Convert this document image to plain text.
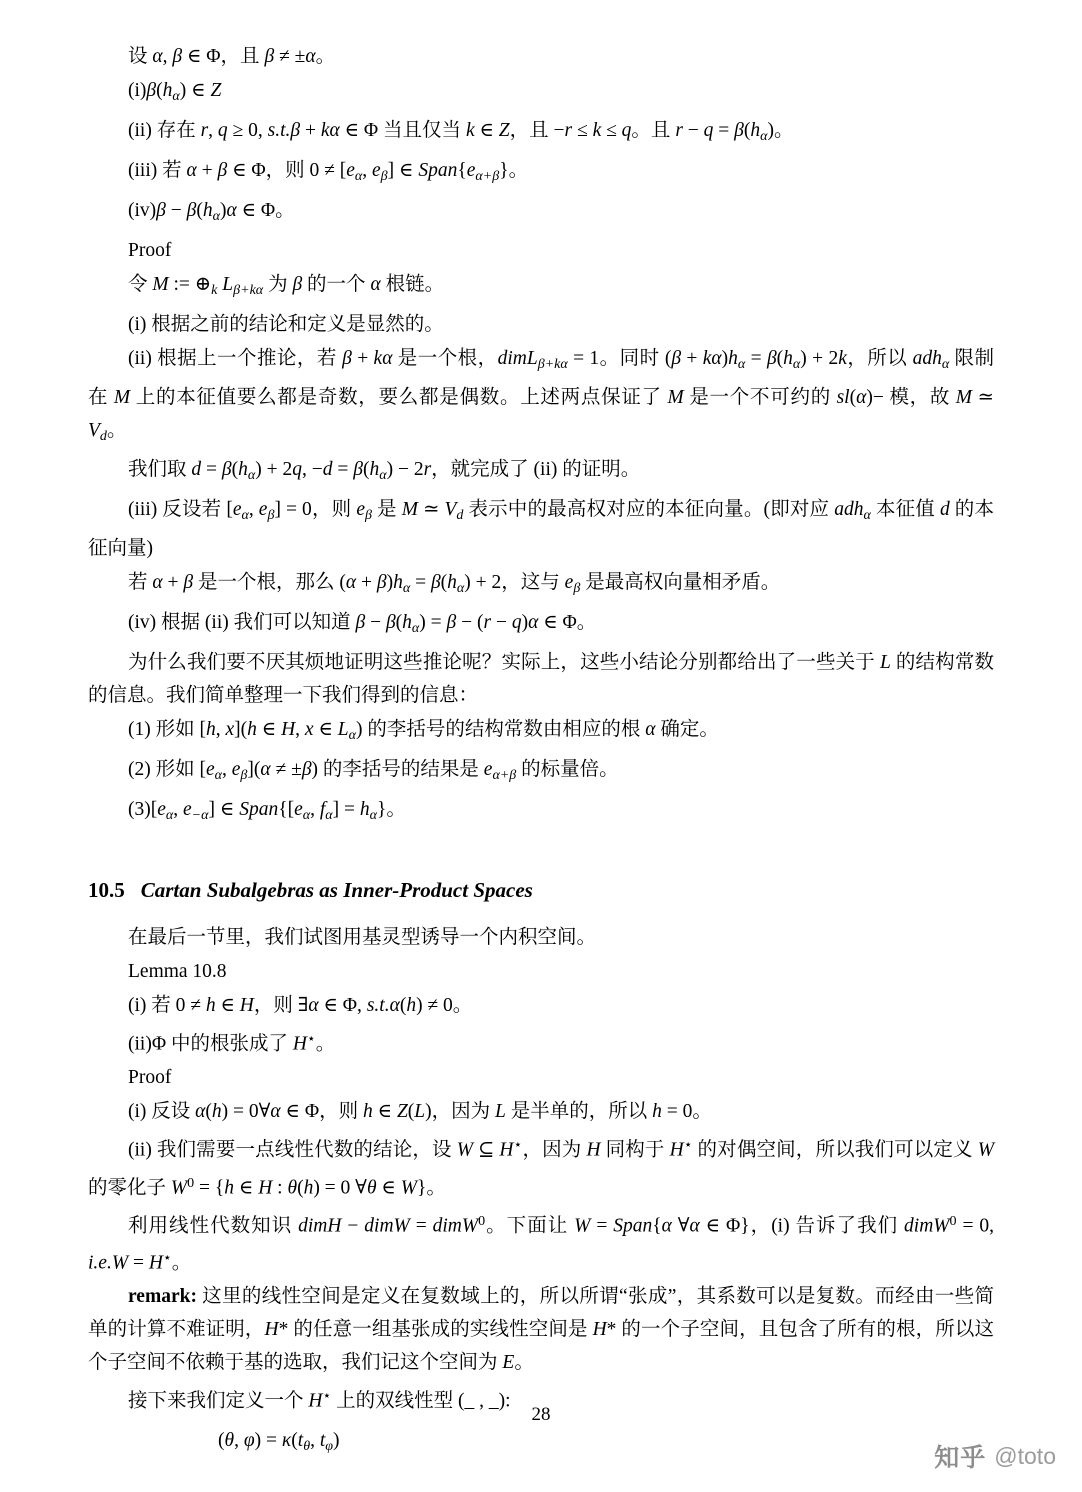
设 α, β ∈ Φ，且 β ≠ ±α。

$(i)\beta(h_\alpha)$ ∈ Z

(ii) 存在 r, q ≥ 0, s.t.β + kα ∈ Φ 当且仅当 k ∈ Z，且 −r ≤ k ≤ q。且 $r - q = \beta(h_\alpha)$。

(iii) 若 α + β ∈ Φ，则 $0 \ne [e_\alpha$, $e_\beta$] ∈ $Span\{e_{\alpha+\beta}\}$。

$(iv)\beta - \beta(h_\alpha)\alpha$ ∈ Φ。

Proof

令 M := $\oplus_k$ $L_{\beta+k\alpha}$ 为 β 的一个 α 根链。

(i) 根据之前的结论和定义是显然的。

(ii) 根据上一个推论，若 β + kα 是一个根，dimL$_{\beta+k\alpha}$ = 1。同时 $(\beta + k\alpha)h_\alpha = \beta(h_\alpha) + 2k$，所以 adh$_\alpha$ 限制在 M 上的本征值要么都是奇数，要么都是偶数。上述两点保证了 M 是一个不可约的 sl(α)− 模，故 M ≃ $V_d$。

我们取 $d = \beta(h_\alpha) + 2q$, $-d = \beta(h_\alpha) - 2r$，就完成了 (ii) 的证明。

(iii) 反设若 [$e_\alpha$, $e_\beta] = 0$，则 $e_\beta$ 是 M ≃ $V_d$ 表示中的最高权对应的本征向量。(即对应 adh$_\alpha$ 本征值 d 的本征向量)

若 α + β 是一个根，那么 $(\alpha + \beta)h_\alpha = \beta(h_\alpha) + 2$，这与 $e_\beta$ 是最高权向量相矛盾。

(iv) 根据 (ii) 我们可以知道 $\beta - \beta(h_\alpha) = \beta - (r - q)\alpha$ ∈ Φ。

为什么我们要不厌其烦地证明这些推论呢？实际上，这些小结论分别都给出了一些关于 L 的结构常数的信息。我们简单整理一下我们得到的信息：

(1) 形如 [h, x](h ∈ H, x ∈ $L_\alpha$) 的李括号的结构常数由相应的根 α 确定。

(2) 形如 [$e_\alpha$, $e_\beta](\alpha \ne \pm\beta)$ 的李括号的结果是 $e_{\alpha+\beta}$ 的标量倍。

$(3)[e_\alpha$, $e_{-\alpha}$] ∈ $Span\{[e_\alpha$, $f_\alpha] = h_\alpha$}。

10.5 Cartan Subalgebras as Inner-Product Spaces

在最后一节里，我们试图用基灵型诱导一个内积空间。

Lemma 10.8

(i) 若 0 ≠ h ∈ H，则 ∃α ∈ Φ, s.t.α(h) ≠ 0。

(ii)Φ 中的根张成了 H⋆。

Proof

(i) 反设 α(h) = 0∀α ∈ Φ，则 h ∈ Z(L)，因为 L 是半单的，所以 h = 0。

(ii) 我们需要一点线性代数的结论，设 W ⊆ H⋆，因为 H 同构于 H⋆ 的对偶空间，所以我们可以定义 W 的零化子 $W^0 = \{h$ ∈ H : θ(h) = 0 ∀θ ∈ W}。

利用线性代数知识 dimH − dimW = dimW$^0$。下面让 W = Span{α ∀α ∈ Φ}，(i) 告诉了我们 dimW$^0$ = 0, i.e.W = H⋆。

remark: 这里的线性空间是定义在复数域上的，所以所谓“张成”，其系数可以是复数。而经由一些简单的计算不难证明，H* 的任意一组基张成的实线性空间是 H* 的一个子空间，且包含了所有的根，所以这个子空间不依赖于基的选取，我们记这个空间为 E。

接下来我们定义一个 H⋆ 上的双线性型 (_ , _):

(θ, $\varphi) = \kappa(t_\theta$, $t_\varphi$)

28
知乎 @toto
